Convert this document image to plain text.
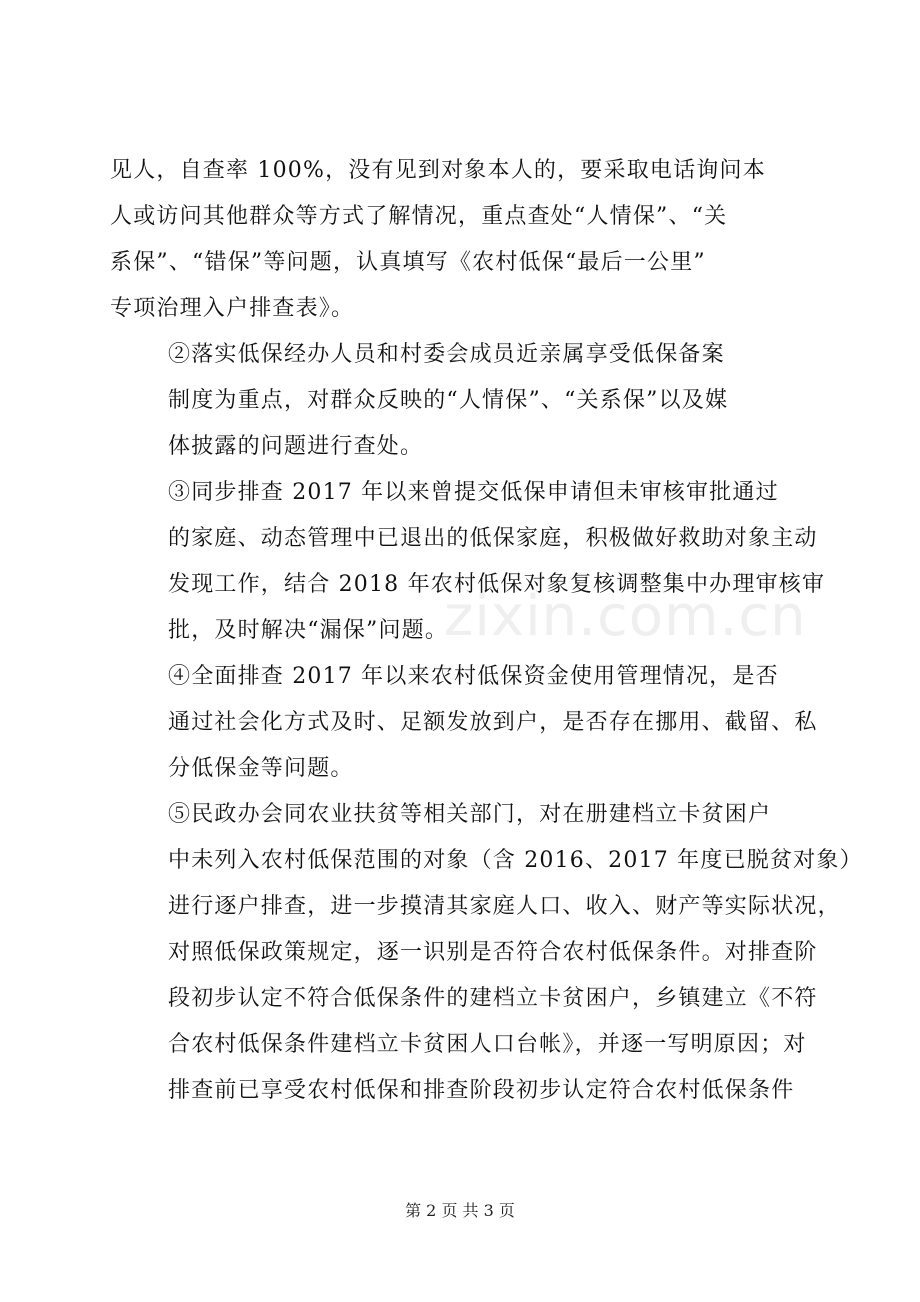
见人，自查率 100%，没有见到对象本人的，要采取电话询问本
人或访问其他群众等方式了解情况，重点查处“人情保”、“关
系保”、“错保”等问题，认真填写《农村低保“最后一公里”
专项治理入户排查表》。
②落实低保经办人员和村委会成员近亲属享受低保备案
制度为重点，对群众反映的“人情保”、“关系保”以及媒
体披露的问题进行查处。
③同步排查 2017 年以来曾提交低保申请但未审核审批通过
的家庭、动态管理中已退出的低保家庭，积极做好救助对象主动
发现工作，结合 2018 年农村低保对象复核调整集中办理审核审
批，及时解决“漏保”问题。
④全面排查 2017 年以来农村低保资金使用管理情况，是否
通过社会化方式及时、足额发放到户，是否存在挪用、截留、私
分低保金等问题。
⑤民政办会同农业扶贫等相关部门，对在册建档立卡贫困户
中未列入农村低保范围的对象（含 2016、2017 年度已脱贫对象）
进行逐户排查，进一步摸清其家庭人口、收入、财产等实际状况，
对照低保政策规定，逐一识别是否符合农村低保条件。对排查阶
段初步认定不符合低保条件的建档立卡贫困户，乡镇建立《不符
合农村低保条件建档立卡贫困人口台帐》，并逐一写明原因；对
排查前已享受农村低保和排查阶段初步认定符合农村低保条件
zixin.com.cn
第 2 页 共 3 页
